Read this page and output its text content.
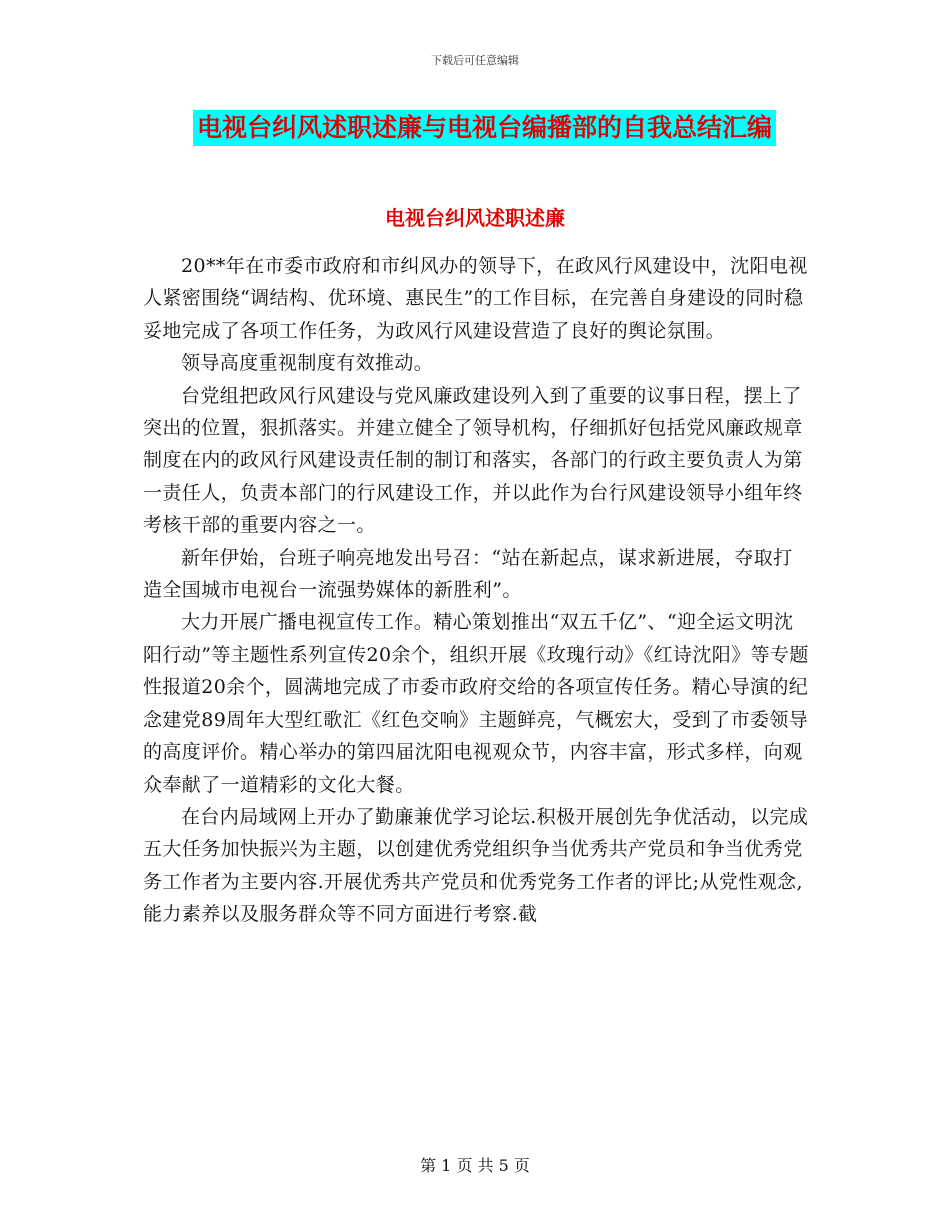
下载后可任意编辑
电视台纠风述职述廉与电视台编播部的自我总结汇编
电视台纠风述职述廉

20**年在市委市政府和市纠风办的领导下，在政风行风建设中，沈阳电视人紧密围绕“调结构、优环境、惠民生”的工作目标，在完善自身建设的同时稳妥地完成了各项工作任务，为政风行风建设营造了良好的舆论氛围。

领导高度重视制度有效推动。

台党组把政风行风建设与党风廉政建设列入到了重要的议事日程，摆上了突出的位置，狠抓落实。并建立健全了领导机构，仔细抓好包括党风廉政规章制度在内的政风行风建设责任制的制订和落实，各部门的行政主要负责人为第一责任人，负责本部门的行风建设工作，并以此作为台行风建设领导小组年终考核干部的重要内容之一。

新年伊始，台班子响亮地发出号召：“站在新起点，谋求新进展，夺取打造全国城市电视台一流强势媒体的新胜利”。

大力开展广播电视宣传工作。精心策划推出“双五千亿”、“迎全运文明沈阳行动”等主题性系列宣传20余个，组织开展《玫瑰行动》《红诗沈阳》等专题性报道20余个，圆满地完成了市委市政府交给的各项宣传任务。精心导演的纪念建党89周年大型红歌汇《红色交响》主题鲜亮，气概宏大，受到了市委领导的高度评价。精心举办的第四届沈阳电视观众节，内容丰富，形式多样，向观众奉献了一道精彩的文化大餐。

在台内局域网上开办了勤廉兼优学习论坛.积极开展创先争优活动，以完成五大任务加快振兴为主题，以创建优秀党组织争当优秀共产党员和争当优秀党务工作者为主要内容.开展优秀共产党员和优秀党务工作者的评比;从党性观念,能力素养以及服务群众等不同方面进行考察.截

第 1 页 共 5 页
